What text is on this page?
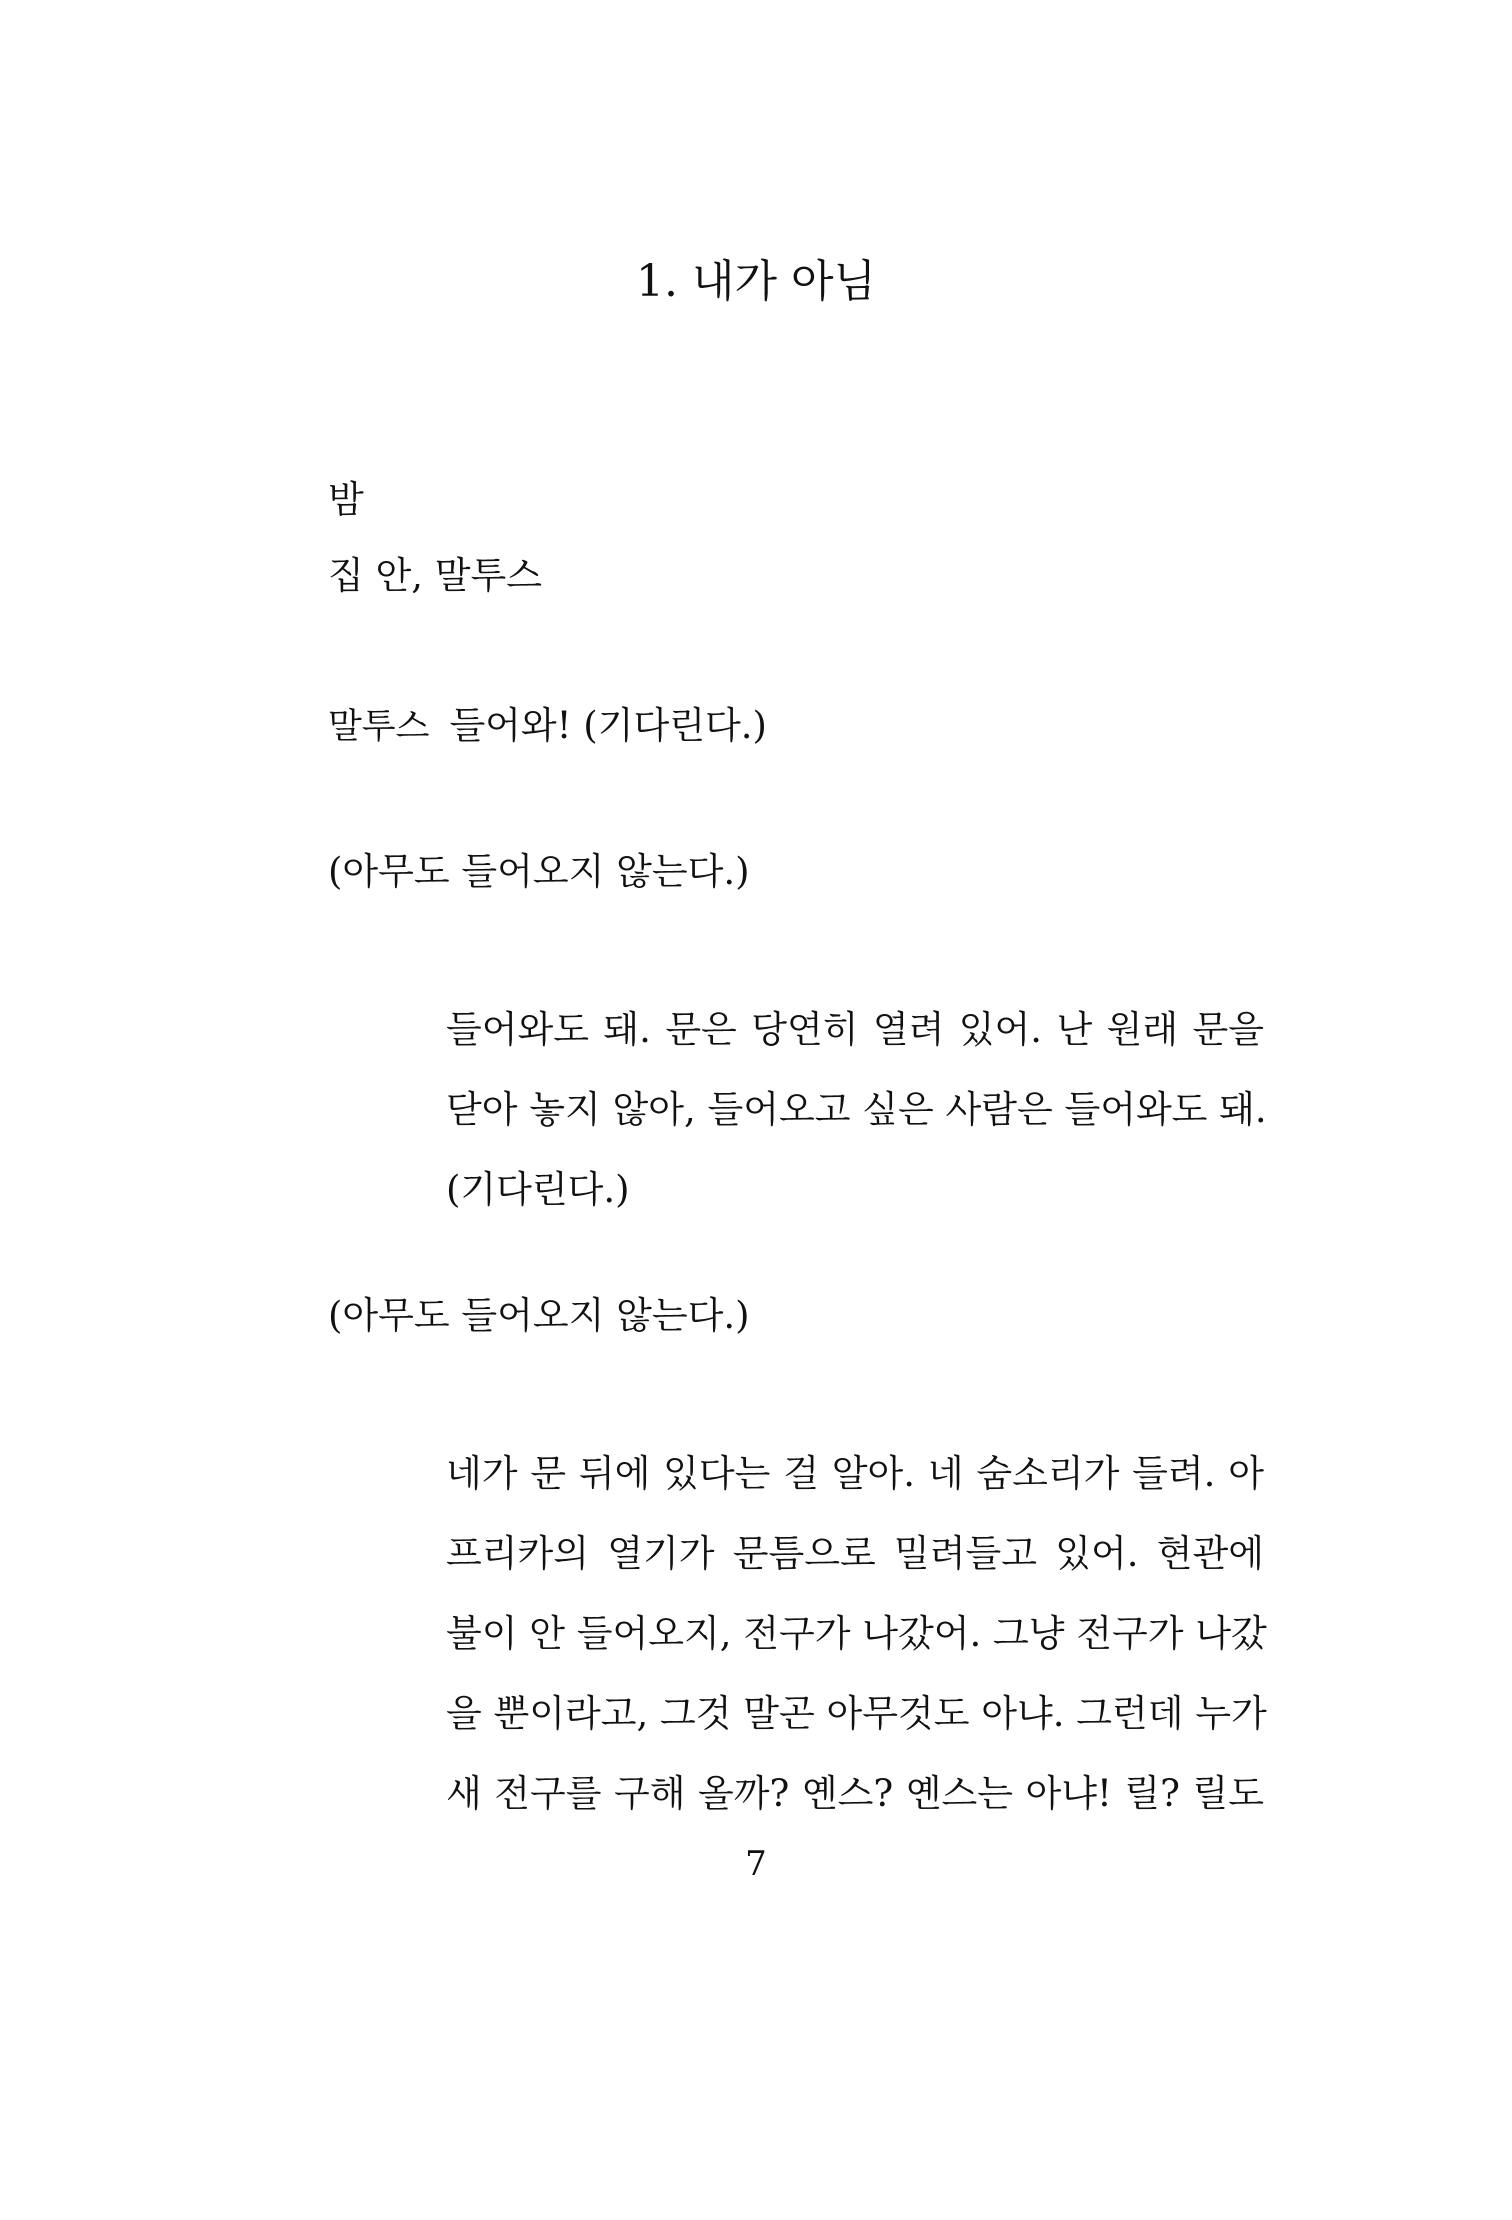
1. 내가 아님

밤

집 안, 말투스

말투스 들어와! (기다린다.)

(아무도 들어오지 않는다.)

들어와도 돼. 문은 당연히 열려 있어. 난 원래 문을
닫아 놓지 않아, 들어오고 싶은 사람은 들어와도 돼.
(기다린다.)

(아무도 들어오지 않는다.)

네가 문 뒤에 있다는 걸 알아. 네 숨소리가 들려. 아
프리카의 열기가 문틈으로 밀려들고 있어. 현관에
불이 안 들어오지, 전구가 나갔어. 그냥 전구가 나갔
을 뿐이라고, 그것 말곤 아무것도 아냐. 그런데 누가
새 전구를 구해 올까? 옌스? 옌스는 아냐! 릴? 릴도
7
